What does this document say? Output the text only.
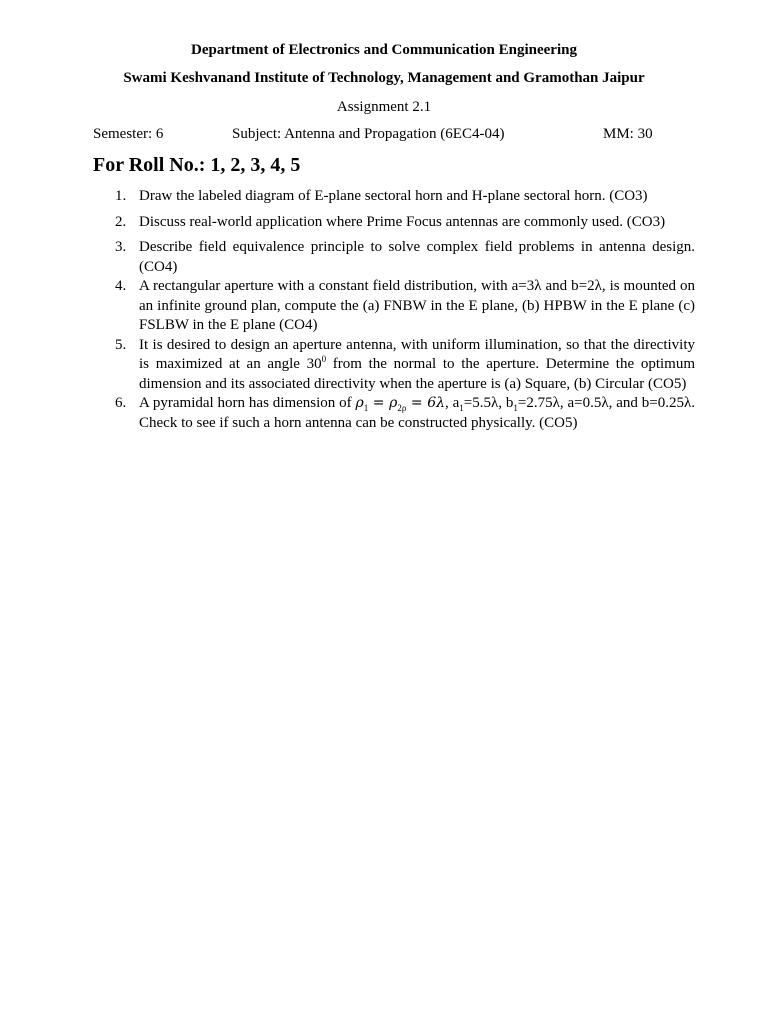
Department of Electronics and Communication Engineering
Swami Keshvanand Institute of Technology, Management and Gramothan Jaipur
Assignment 2.1
Semester: 6	Subject: Antenna and Propagation (6EC4-04)	MM: 30
For Roll No.: 1, 2, 3, 4, 5
1. Draw the labeled diagram of E-plane sectoral horn and H-plane sectoral horn. (CO3)
2. Discuss real-world application where Prime Focus antennas are commonly used. (CO3)
3. Describe field equivalence principle to solve complex field problems in antenna design. (CO4)
4. A rectangular aperture with a constant field distribution, with a=3λ and b=2λ, is mounted on an infinite ground plan, compute the (a) FNBW in the E plane, (b) HPBW in the E plane (c) FSLBW in the E plane (CO4)
5. It is desired to design an aperture antenna, with uniform illumination, so that the directivity is maximized at an angle $30^0$ from the normal to the aperture. Determine the optimum dimension and its associated directivity when the aperture is (a) Square, (b) Circular (CO5)
6. A pyramidal horn has dimension of $\rho_1 = \rho_{2\rho} = 6\lambda$, $a_1=5.5\lambda$, $b_1=2.75\lambda$, a=0.5λ, and b=0.25λ. Check to see if such a horn antenna can be constructed physically. (CO5)
